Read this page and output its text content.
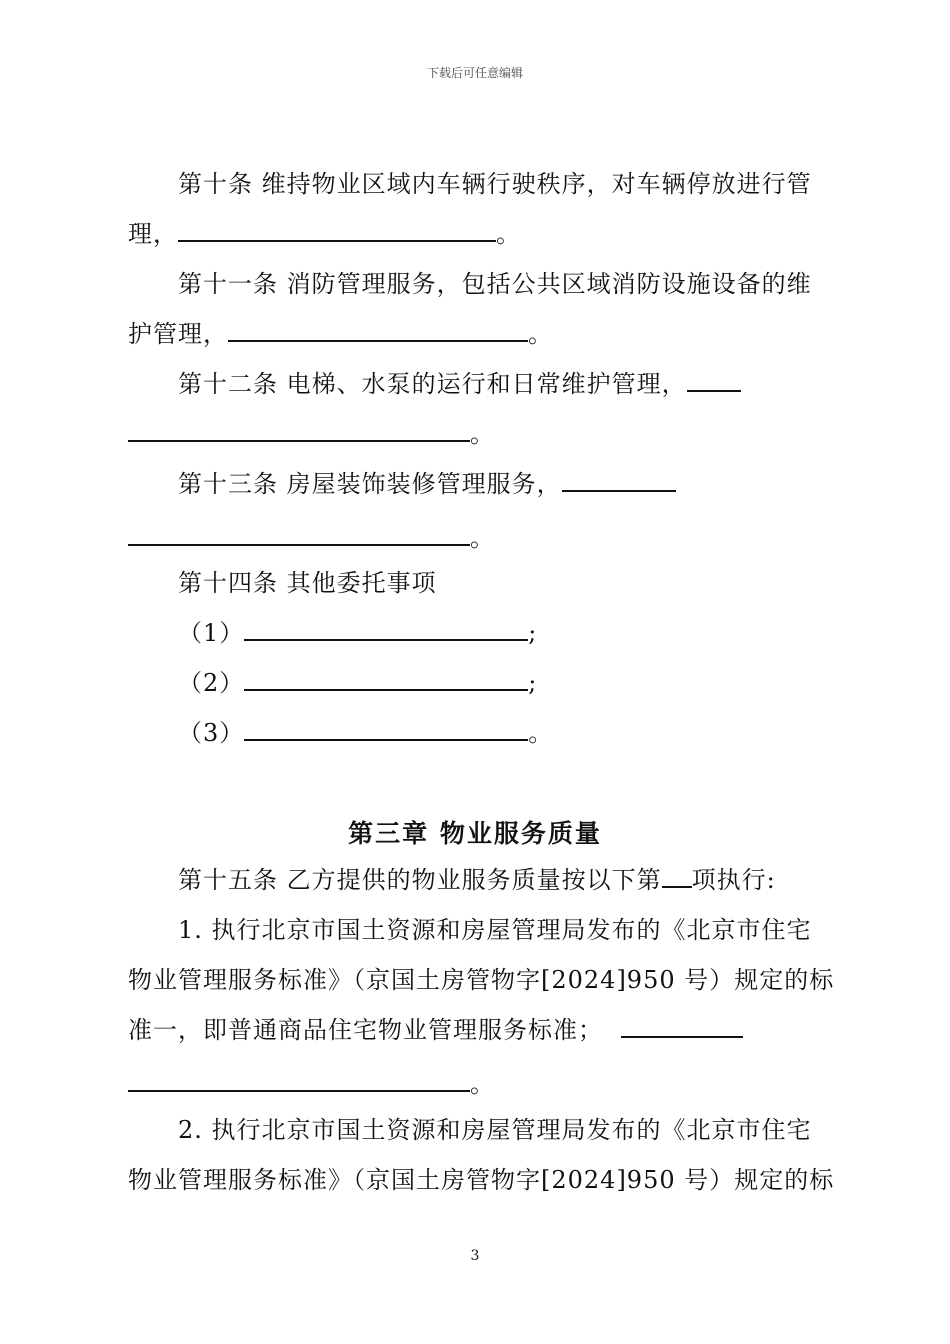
下载后可任意编辑
第十条 维持物业区域内车辆行驶秩序，对车辆停放进行管
理，	。
第十一条 消防管理服务，包括公共区域消防设施设备的维
护管理，	。
第十二条 电梯、水泵的运行和日常维护管理，
。
第十三条 房屋装饰装修管理服务，
。
第十四条 其他委托事项
（1）	;
（2）	;
（3）	。
第三章 物业服务质量
第十五条 乙方提供的物业服务质量按以下第 项执行:
1. 执行北京市国土资源和房屋管理局发布的《北京市住宅
物业管理服务标准》（京国土房管物字[2024]950 号）规定的标
准一，即普通商品住宅物业管理服务标准；
。
2. 执行北京市国土资源和房屋管理局发布的《北京市住宅
物业管理服务标准》（京国土房管物字[2024]950 号）规定的标
3
